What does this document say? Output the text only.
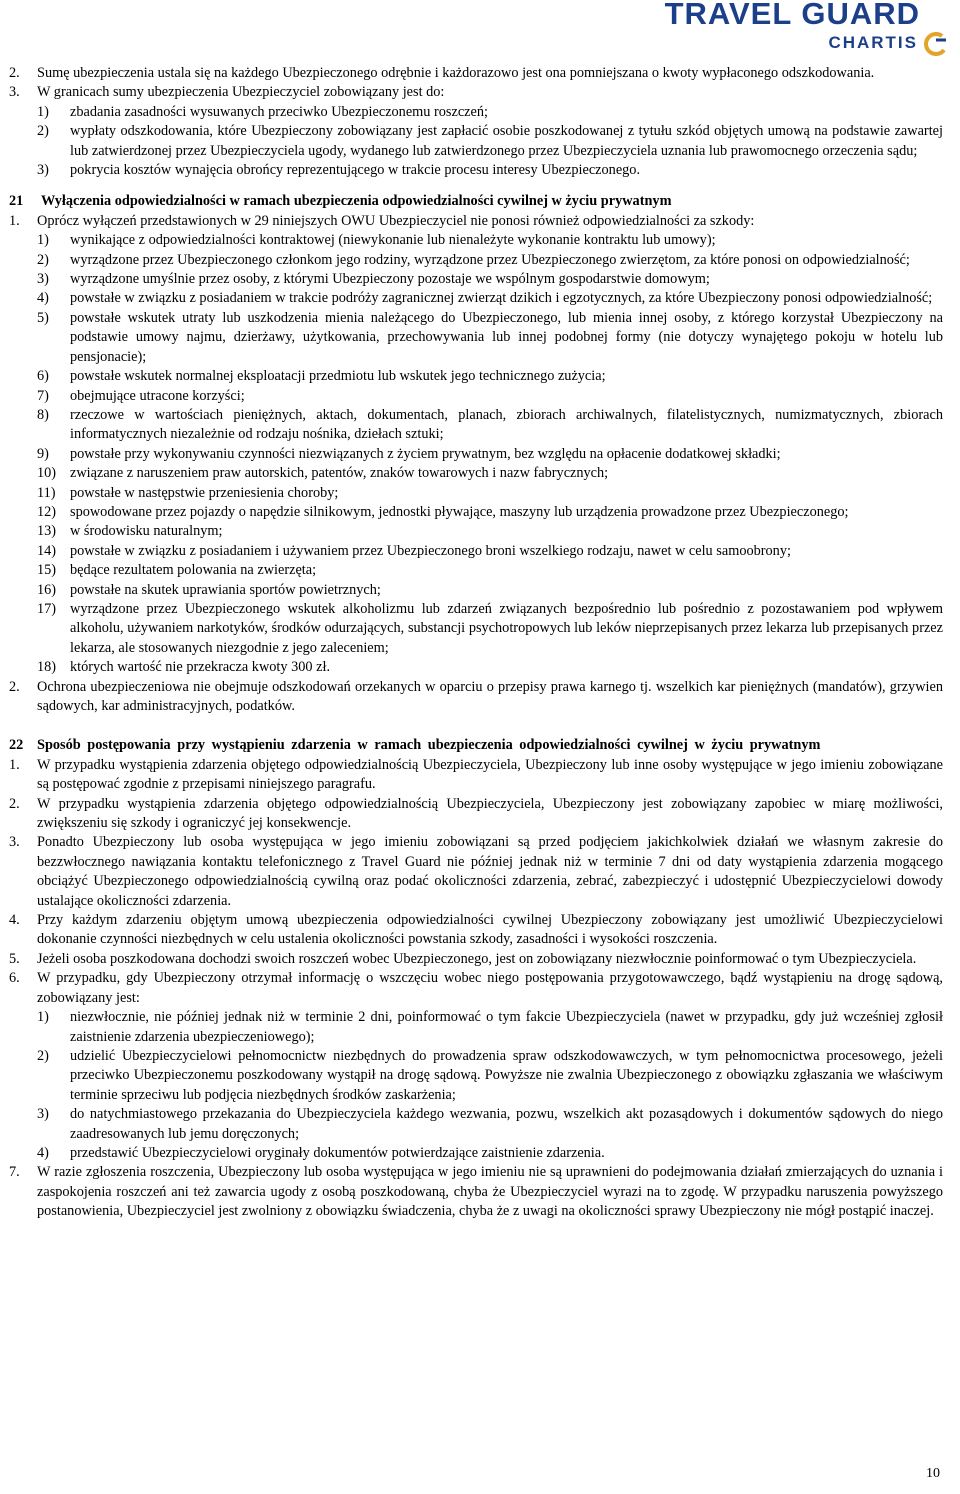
TRAVEL GUARD
CHARTIS
2. Sumę ubezpieczenia ustala się na każdego Ubezpieczonego odrębnie i każdorazowo jest ona pomniejszana o kwoty wypłaconego odszkodowania.
3. W granicach sumy ubezpieczenia Ubezpieczyciel zobowiązany jest do:
1) zbadania zasadności wysuwanych przeciwko Ubezpieczonemu roszczeń;
2) wypłaty odszkodowania, które Ubezpieczony zobowiązany jest zapłacić osobie poszkodowanej z tytułu szkód objętych umową na podstawie zawartej lub zatwierdzonej przez Ubezpieczyciela ugody, wydanego lub zatwierdzonego przez Ubezpieczyciela uznania lub prawomocnego orzeczenia sądu;
3) pokrycia kosztów wynajęcia obrońcy reprezentującego w trakcie procesu interesy Ubezpieczonego.
21 Wyłączenia odpowiedzialności w ramach ubezpieczenia odpowiedzialności cywilnej w życiu prywatnym
1. Oprócz wyłączeń przedstawionych w 29 niniejszych OWU Ubezpieczyciel nie ponosi również odpowiedzialności za szkody:
1) wynikające z odpowiedzialności kontraktowej (niewykonanie lub nienależyte wykonanie kontraktu lub umowy);
2) wyrządzone przez Ubezpieczonego członkom jego rodziny, wyrządzone przez Ubezpieczonego zwierzętom, za które ponosi on odpowiedzialność;
3) wyrządzone umyślnie przez osoby, z którymi Ubezpieczony pozostaje we wspólnym gospodarstwie domowym;
4) powstałe w związku z posiadaniem w trakcie podróży zagranicznej zwierząt dzikich i egzotycznych, za które Ubezpieczony ponosi odpowiedzialność;
5) powstałe wskutek utraty lub uszkodzenia mienia należącego do Ubezpieczonego, lub mienia innej osoby, z którego korzystał Ubezpieczony na podstawie umowy najmu, dzierżawy, użytkowania, przechowywania lub innej podobnej formy (nie dotyczy wynajętego pokoju w hotelu lub pensjonacie);
6) powstałe wskutek normalnej eksploatacji przedmiotu lub wskutek jego technicznego zużycia;
7) obejmujące utracone korzyści;
8) rzeczowe w wartościach pieniężnych, aktach, dokumentach, planach, zbiorach archiwalnych, filatelistycznych, numizmatycznych, zbiorach informatycznych niezależnie od rodzaju nośnika, dziełach sztuki;
9) powstałe przy wykonywaniu czynności niezwiązanych z życiem prywatnym, bez względu na opłacenie dodatkowej składki;
10) związane z naruszeniem praw autorskich, patentów, znaków towarowych i nazw fabrycznych;
11) powstałe w następstwie przeniesienia choroby;
12) spowodowane przez pojazdy o napędzie silnikowym, jednostki pływające, maszyny lub urządzenia prowadzone przez Ubezpieczonego;
13) w środowisku naturalnym;
14) powstałe w związku z posiadaniem i używaniem przez Ubezpieczonego broni wszelkiego rodzaju, nawet w celu samoobrony;
15) będące rezultatem polowania na zwierzęta;
16) powstałe na skutek uprawiania sportów powietrznych;
17) wyrządzone przez Ubezpieczonego wskutek alkoholizmu lub zdarzeń związanych bezpośrednio lub pośrednio z pozostawaniem pod wpływem alkoholu, używaniem narkotyków, środków odurzających, substancji psychotropowych lub leków nieprzepisanych przez lekarza lub przepisanych przez lekarza, ale stosowanych niezgodnie z jego zaleceniem;
18) których wartość nie przekracza kwoty 300 zł.
2. Ochrona ubezpieczeniowa nie obejmuje odszkodowań orzekanych w oparciu o przepisy prawa karnego tj. wszelkich kar pieniężnych (mandatów), grzywien sądowych, kar administracyjnych, podatków.
22 Sposób postępowania przy wystąpieniu zdarzenia w ramach ubezpieczenia odpowiedzialności cywilnej w życiu prywatnym
1. W przypadku wystąpienia zdarzenia objętego odpowiedzialnością Ubezpieczyciela, Ubezpieczony lub inne osoby występujące w jego imieniu zobowiązane są postępować zgodnie z przepisami niniejszego paragrafu.
2. W przypadku wystąpienia zdarzenia objętego odpowiedzialnością Ubezpieczyciela, Ubezpieczony jest zobowiązany zapobiec w miarę możliwości, zwiększeniu się szkody i ograniczyć jej konsekwencje.
3. Ponadto Ubezpieczony lub osoba występująca w jego imieniu zobowiązani są przed podjęciem jakichkolwiek działań we własnym zakresie do bezzwłocznego nawiązania kontaktu telefonicznego z Travel Guard nie później jednak niż w terminie 7 dni od daty wystąpienia zdarzenia mogącego obciążyć Ubezpieczonego odpowiedzialnością cywilną oraz podać okoliczności zdarzenia, zebrać, zabezpieczyć i udostępnić Ubezpieczycielowi dowody ustalające okoliczności zdarzenia.
4. Przy każdym zdarzeniu objętym umową ubezpieczenia odpowiedzialności cywilnej Ubezpieczony zobowiązany jest umożliwić Ubezpieczycielowi dokonanie czynności niezbędnych w celu ustalenia okoliczności powstania szkody, zasadności i wysokości roszczenia.
5. Jeżeli osoba poszkodowana dochodzi swoich roszczeń wobec Ubezpieczonego, jest on zobowiązany niezwłocznie poinformować o tym Ubezpieczyciela.
6. W przypadku, gdy Ubezpieczony otrzymał informację o wszczęciu wobec niego postępowania przygotowawczego, bądź wystąpieniu na drogę sądową, zobowiązany jest:
1) niezwłocznie, nie później jednak niż w terminie 2 dni, poinformować o tym fakcie Ubezpieczyciela (nawet w przypadku, gdy już wcześniej zgłosił zaistnienie zdarzenia ubezpieczeniowego);
2) udzielić Ubezpieczycielowi pełnomocnictw niezbędnych do prowadzenia spraw odszkodowawczych, w tym pełnomocnictwa procesowego, jeżeli przeciwko Ubezpieczonemu poszkodowany wystąpił na drogę sądową. Powyższe nie zwalnia Ubezpieczonego z obowiązku zgłaszania we właściwym terminie sprzeciwu lub podjęcia niezbędnych środków zaskarżenia;
3) do natychmiastowego przekazania do Ubezpieczyciela każdego wezwania, pozwu, wszelkich akt pozasądowych i dokumentów sądowych do niego zaadresowanych lub jemu doręczonych;
4) przedstawić Ubezpieczycielowi oryginały dokumentów potwierdzające zaistnienie zdarzenia.
7. W razie zgłoszenia roszczenia, Ubezpieczony lub osoba występująca w jego imieniu nie są uprawnieni do podejmowania działań zmierzających do uznania i zaspokojenia roszczeń ani też zawarcia ugody z osobą poszkodowaną, chyba że Ubezpieczyciel wyrazi na to zgodę. W przypadku naruszenia powyższego postanowienia, Ubezpieczyciel jest zwolniony z obowiązku świadczenia, chyba że z uwagi na okoliczności sprawy Ubezpieczony nie mógł postąpić inaczej.
10
